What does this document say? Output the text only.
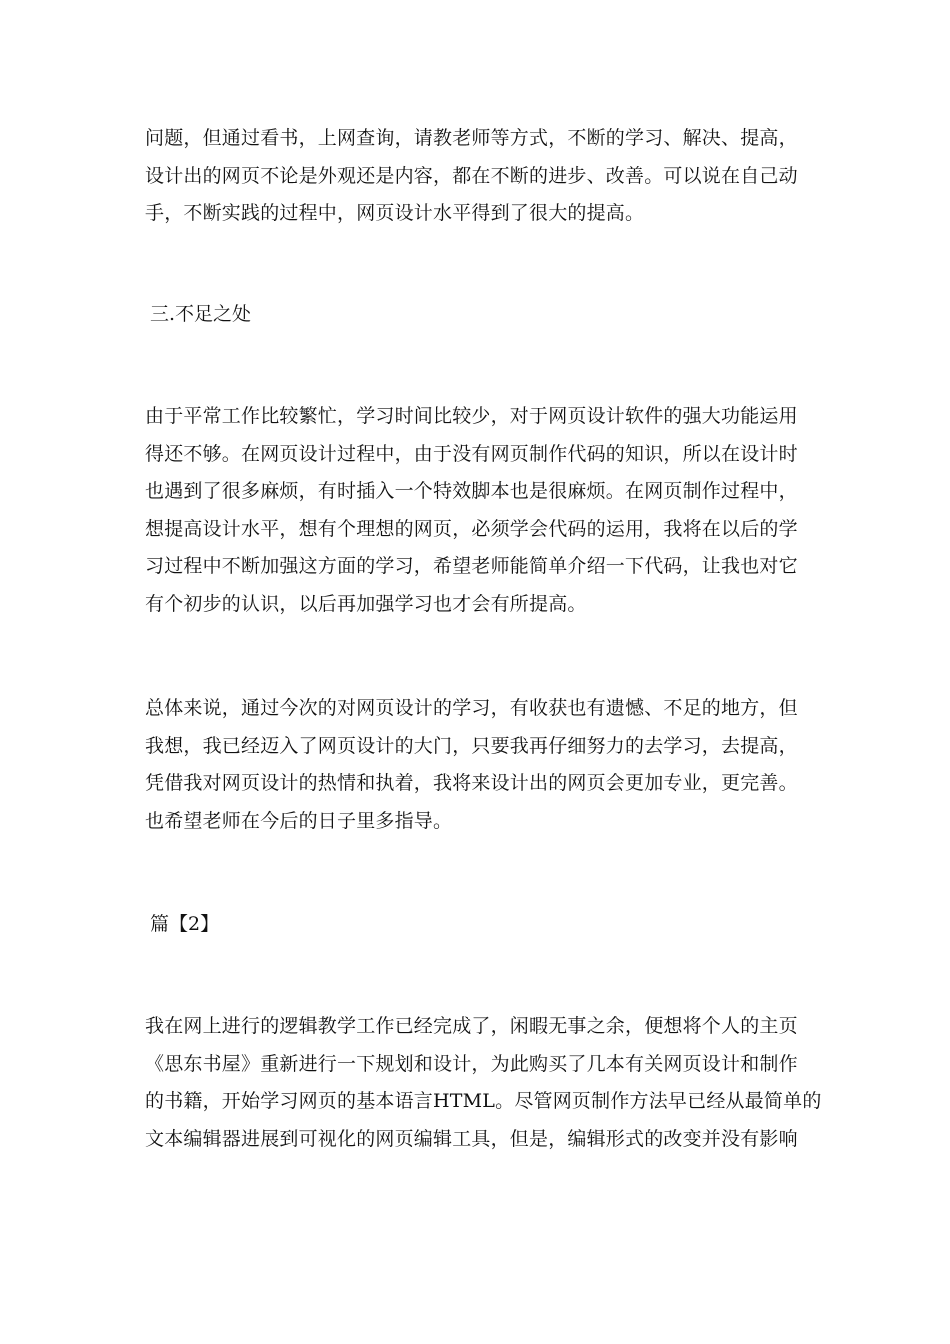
问题，但通过看书，上网查询，请教老师等方式，不断的学习、解决、提高，
设计出的网页不论是外观还是内容，都在不断的进步、改善。可以说在自己动
手，不断实践的过程中，网页设计水平得到了很大的提高。
三.不足之处
由于平常工作比较繁忙，学习时间比较少，对于网页设计软件的强大功能运用
得还不够。在网页设计过程中，由于没有网页制作代码的知识，所以在设计时
也遇到了很多麻烦，有时插入一个特效脚本也是很麻烦。在网页制作过程中，
想提高设计水平，想有个理想的网页，必须学会代码的运用，我将在以后的学
习过程中不断加强这方面的学习，希望老师能简单介绍一下代码，让我也对它
有个初步的认识，以后再加强学习也才会有所提高。
总体来说，通过今次的对网页设计的学习，有收获也有遗憾、不足的地方，但
我想，我已经迈入了网页设计的大门，只要我再仔细努力的去学习，去提高，
凭借我对网页设计的热情和执着，我将来设计出的网页会更加专业，更完善。
也希望老师在今后的日子里多指导。
篇【2】
我在网上进行的逻辑教学工作已经完成了，闲暇无事之余，便想将个人的主页
《思东书屋》重新进行一下规划和设计，为此购买了几本有关网页设计和制作
的书籍，开始学习网页的基本语言HTML。尽管网页制作方法早已经从最简单的
文本编辑器进展到可视化的网页编辑工具，但是，编辑形式的改变并没有影响
